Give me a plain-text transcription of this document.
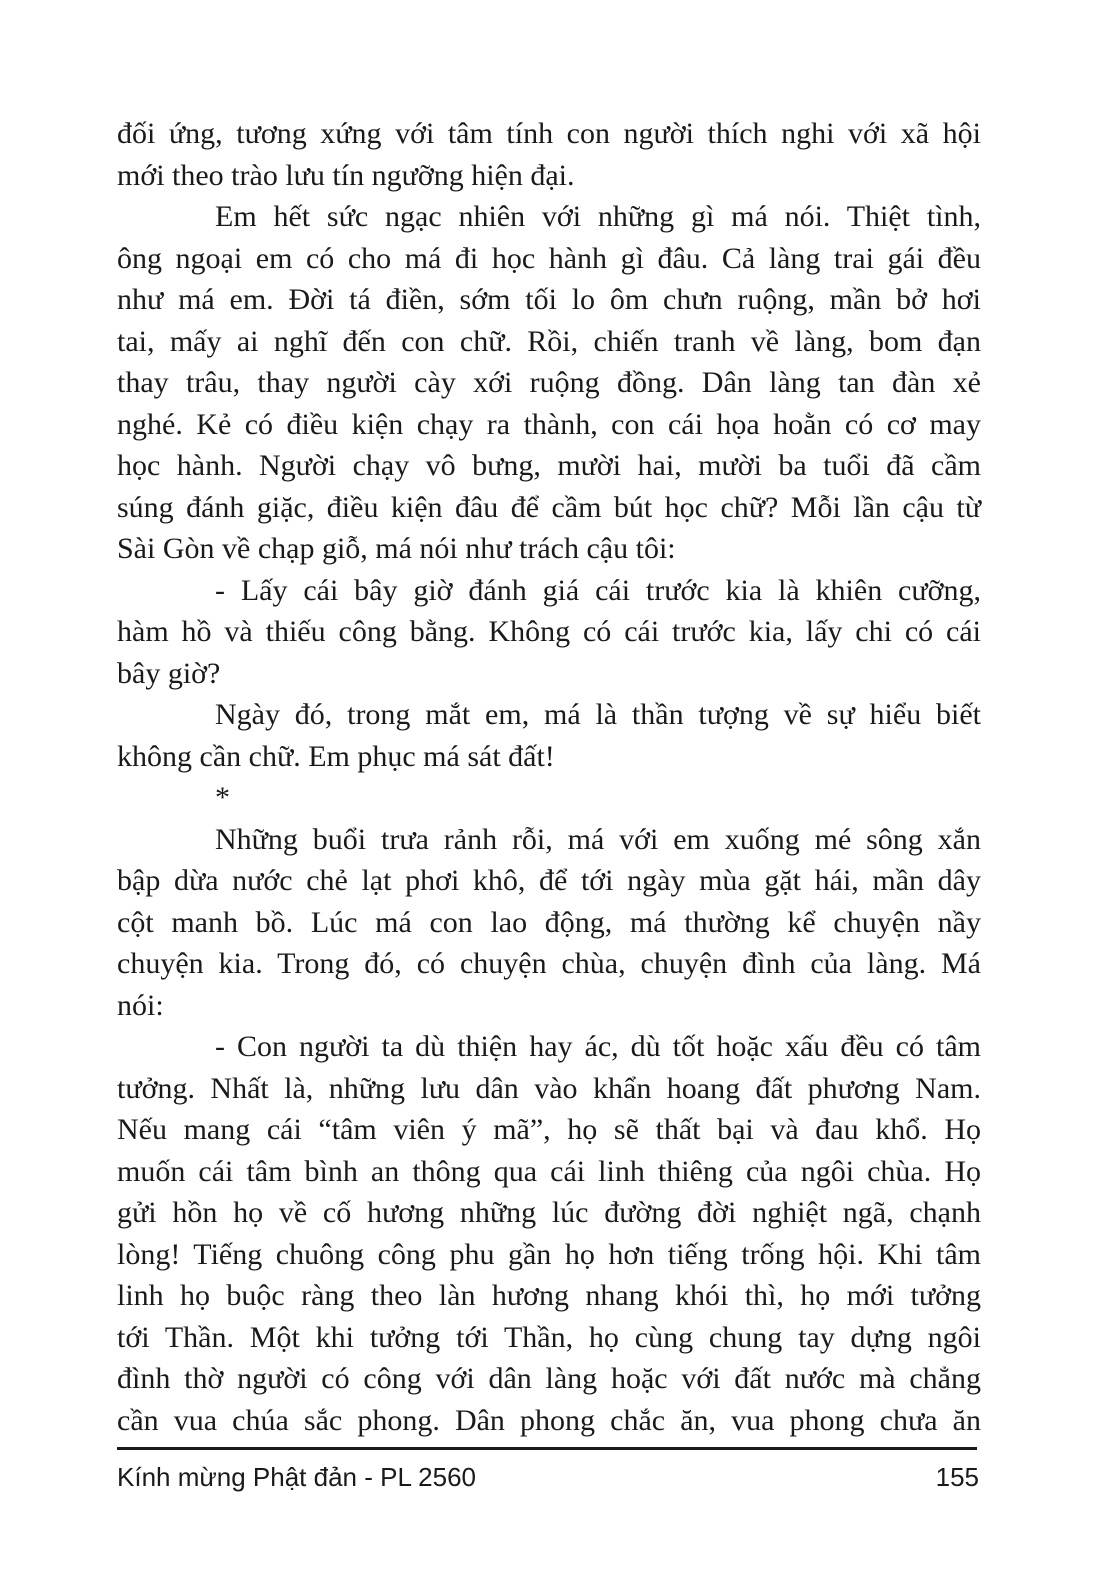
đối ứng, tương xứng với tâm tính con người thích nghi với xã hội
mới theo trào lưu tín ngưỡng hiện đại.
Em hết sức ngạc nhiên với những gì má nói. Thiệt tình,
ông ngoại em có cho má đi học hành gì đâu. Cả làng trai gái đều
như má em. Đời tá điền, sớm tối lo ôm chưn ruộng, mần bở hơi
tai, mấy ai nghĩ đến con chữ. Rồi, chiến tranh về làng, bom đạn
thay trâu, thay người cày xới ruộng đồng. Dân làng tan đàn xẻ
nghé. Kẻ có điều kiện chạy ra thành, con cái họa hoằn có cơ may
học hành. Người chạy vô bưng, mười hai, mười ba tuổi đã cầm
súng đánh giặc, điều kiện đâu để cầm bút học chữ? Mỗi lần cậu từ
Sài Gòn về chạp giỗ, má nói như trách cậu tôi:
- Lấy cái bây giờ đánh giá cái trước kia là khiên cưỡng,
hàm hồ và thiếu công bằng. Không có cái trước kia, lấy chi có cái
bây giờ?
Ngày đó, trong mắt em, má là thần tượng về sự hiểu biết
không cần chữ. Em phục má sát đất!
*
Những buổi trưa rảnh rỗi, má với em xuống mé sông xắn
bập dừa nước chẻ lạt phơi khô, để tới ngày mùa gặt hái, mần dây
cột manh bồ. Lúc má con lao động, má thường kể chuyện nầy
chuyện kia. Trong đó, có chuyện chùa, chuyện đình của làng. Má
nói:
- Con người ta dù thiện hay ác, dù tốt hoặc xấu đều có tâm
tưởng. Nhất là, những lưu dân vào khẩn hoang đất phương Nam.
Nếu mang cái “tâm viên ý mã”, họ sẽ thất bại và đau khổ. Họ
muốn cái tâm bình an thông qua cái linh thiêng của ngôi chùa. Họ
gửi hồn họ về cố hương những lúc đường đời nghiệt ngã, chạnh
lòng! Tiếng chuông công phu gần họ hơn tiếng trống hội. Khi tâm
linh họ buộc ràng theo làn hương nhang khói thì, họ mới tưởng
tới Thần. Một khi tưởng tới Thần, họ cùng chung tay dựng ngôi
đình thờ người có công với dân làng hoặc với đất nước mà chẳng
cần vua chúa sắc phong. Dân phong chắc ăn, vua phong chưa ăn
Kính mừng Phật đản - PL 2560	155
